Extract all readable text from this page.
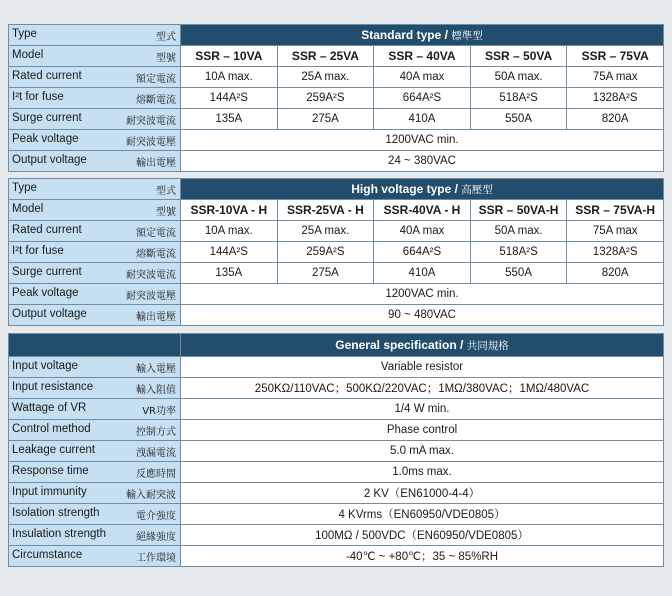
Type 型式	Standard type / 標準型				

Model 型號	SSR – 10VA	SSR – 25VA	SSR – 40VA	SSR – 50VA	SSR – 75VA

Rated current 額定電流	10A max.	25A max.	40A max	50A max.	75A max

I²t for fuse 熔斷電流	144A²S	259A²S	664A²S	518A²S	1328A²S

Surge current 耐突波電流	135A	275A	410A	550A	820A

Peak voltage 耐突波電壓	1200VAC min.				

Output voltage 輸出電壓	24 ~ 380VAC				
Type 型式	High voltage type / 高壓型				

Model 型號	SSR-10VA - H	SSR-25VA - H	SSR-40VA - H	SSR – 50VA-H	SSR – 75VA-H

Rated current 額定電流	10A max.	25A max.	40A max	50A max.	75A max

I²t for fuse 熔斷電流	144A²S	259A²S	664A²S	518A²S	1328A²S

Surge current 耐突波電流	135A	275A	410A	550A	820A

Peak voltage 耐突波電壓	1200VAC min.				

Output voltage 輸出電壓	90 ~ 480VAC				
	General specification / 共同規格

Input voltage 輸入電壓	Variable resistor

Input resistance 輸入阻值	250KΩ/110VAC；500KΩ/220VAC；1MΩ/380VAC；1MΩ/480VAC

Wattage of VR VR功率	1/4 W min.

Control method 控制方式	Phase control

Leakage current 洩漏電流	5.0 mA max.

Response time 反應時間	1.0ms max.

Input immunity 輸入耐突波	2 KV（EN61000-4-4）

Isolation strength 電介強度	4 KVrms（EN60950/VDE0805）

Insulation strength 絕緣強度	100MΩ / 500VDC（EN60950/VDE0805）

Circumstance 工作環境	-40℃ ~ +80℃；35 ~ 85%RH
